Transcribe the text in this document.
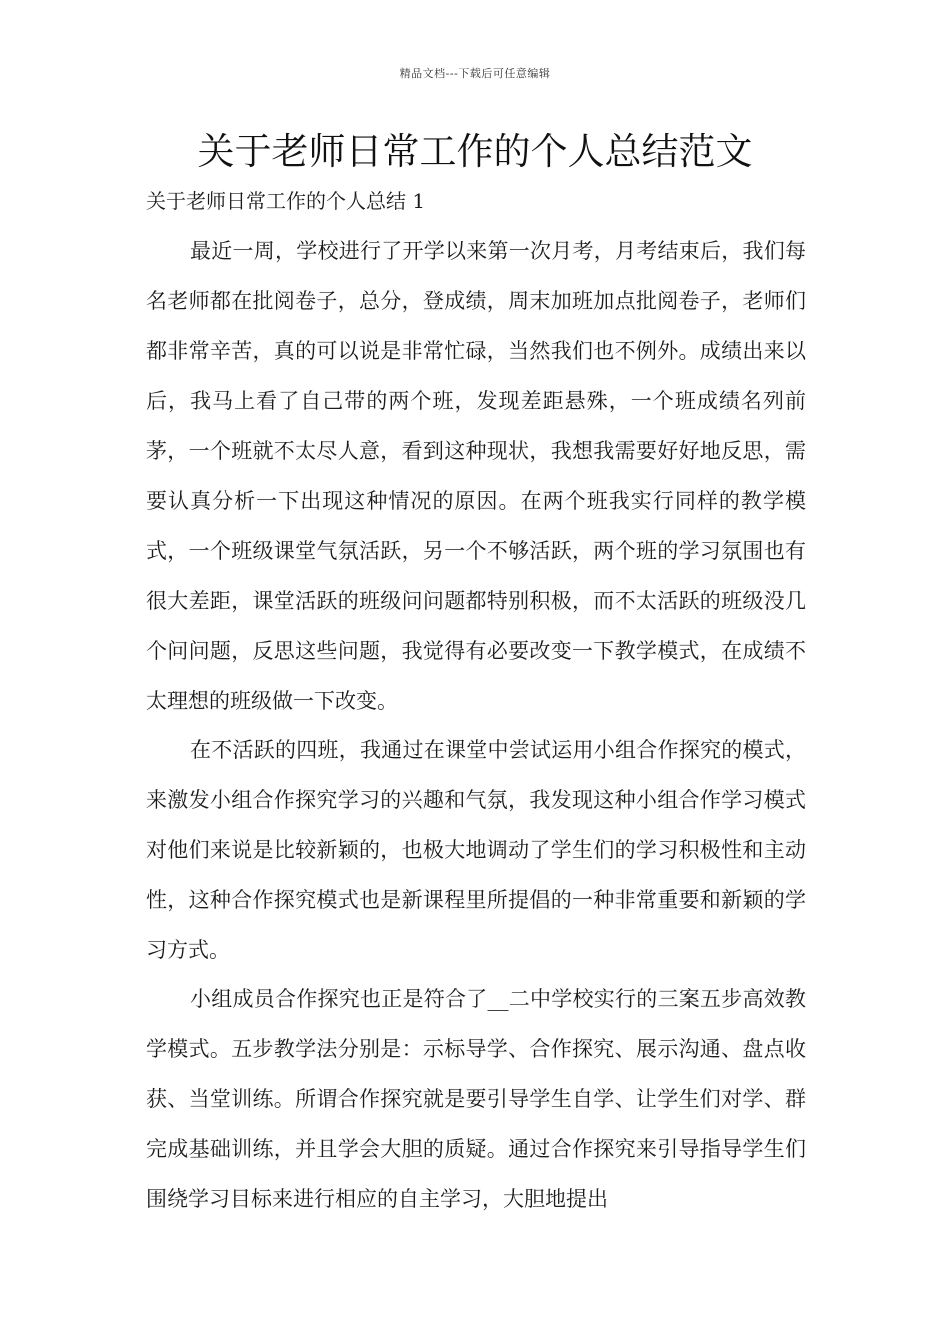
精品文档---下载后可任意编辑
关于老师日常工作的个人总结范文

关于老师日常工作的个人总结 1

最近一周，学校进行了开学以来第一次月考，月考结束后，我们每名老师都在批阅卷子，总分，登成绩，周末加班加点批阅卷子，老师们都非常辛苦，真的可以说是非常忙碌，当然我们也不例外。成绩出来以后，我马上看了自己带的两个班，发现差距悬殊，一个班成绩名列前茅，一个班就不太尽人意，看到这种现状，我想我需要好好地反思，需要认真分析一下出现这种情况的原因。在两个班我实行同样的教学模式，一个班级课堂气氛活跃，另一个不够活跃，两个班的学习氛围也有很大差距，课堂活跃的班级问问题都特别积极，而不太活跃的班级没几个问问题，反思这些问题，我觉得有必要改变一下教学模式，在成绩不太理想的班级做一下改变。

在不活跃的四班，我通过在课堂中尝试运用小组合作探究的模式，来激发小组合作探究学习的兴趣和气氛，我发现这种小组合作学习模式对他们来说是比较新颖的，也极大地调动了学生们的学习积极性和主动性，这种合作探究模式也是新课程里所提倡的一种非常重要和新颖的学习方式。

小组成员合作探究也正是符合了__二中学校实行的三案五步高效教学模式。五步教学法分别是：示标导学、合作探究、展示沟通、盘点收获、当堂训练。所谓合作探究就是要引导学生自学、让学生们对学、群完成基础训练，并且学会大胆的质疑。通过合作探究来引导指导学生们围绕学习目标来进行相应的自主学习，大胆地提出
